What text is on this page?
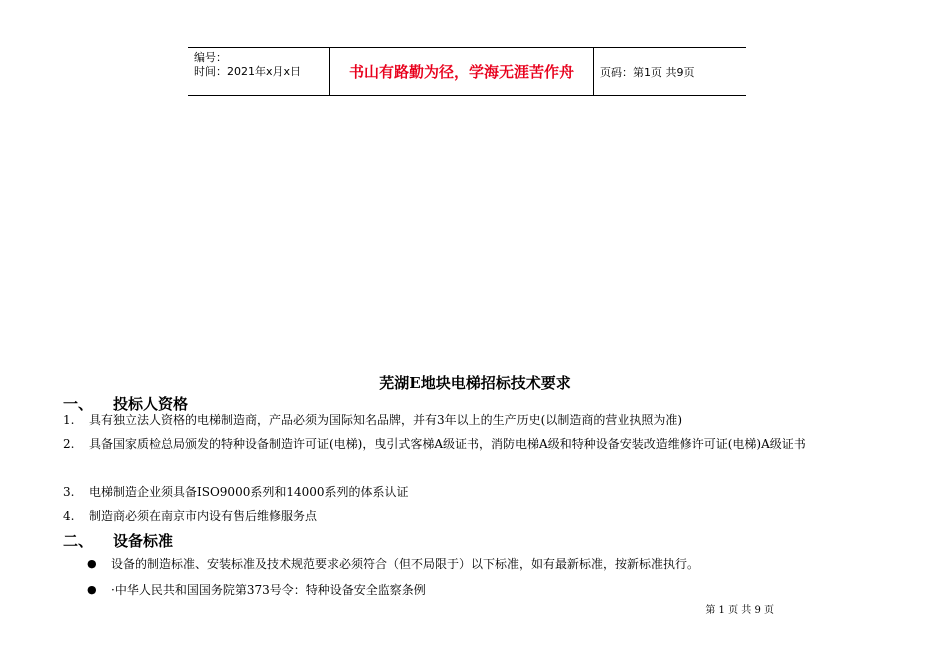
编号：
时间：2021年x月x日	书山有路勤为径，学海无涯苦作舟 页码：第1页 共9页
芜湖E地块电梯招标技术要求
一、	投标人资格
1.	具有独立法人资格的电梯制造商，产品必须为国际知名品牌，并有3年以上的生产历史(以制造商的营业执照为准)
2.	具备国家质检总局颁发的特种设备制造许可证(电梯)，曳引式客梯A级证书，消防电梯A级和特种设备安装改造维修许可证(电梯)A级证书
3.	电梯制造企业须具备ISO9000系列和14000系列的体系认证
4.	制造商必须在南京市内设有售后维修服务点
二、	设备标准
●	设备的制造标准、安装标准及技术规范要求必须符合（但不局限于）以下标准，如有最新标准，按新标准执行。
●	·中华人民共和国国务院第373号令：特种设备安全监察条例
第 1 页 共 9 页
